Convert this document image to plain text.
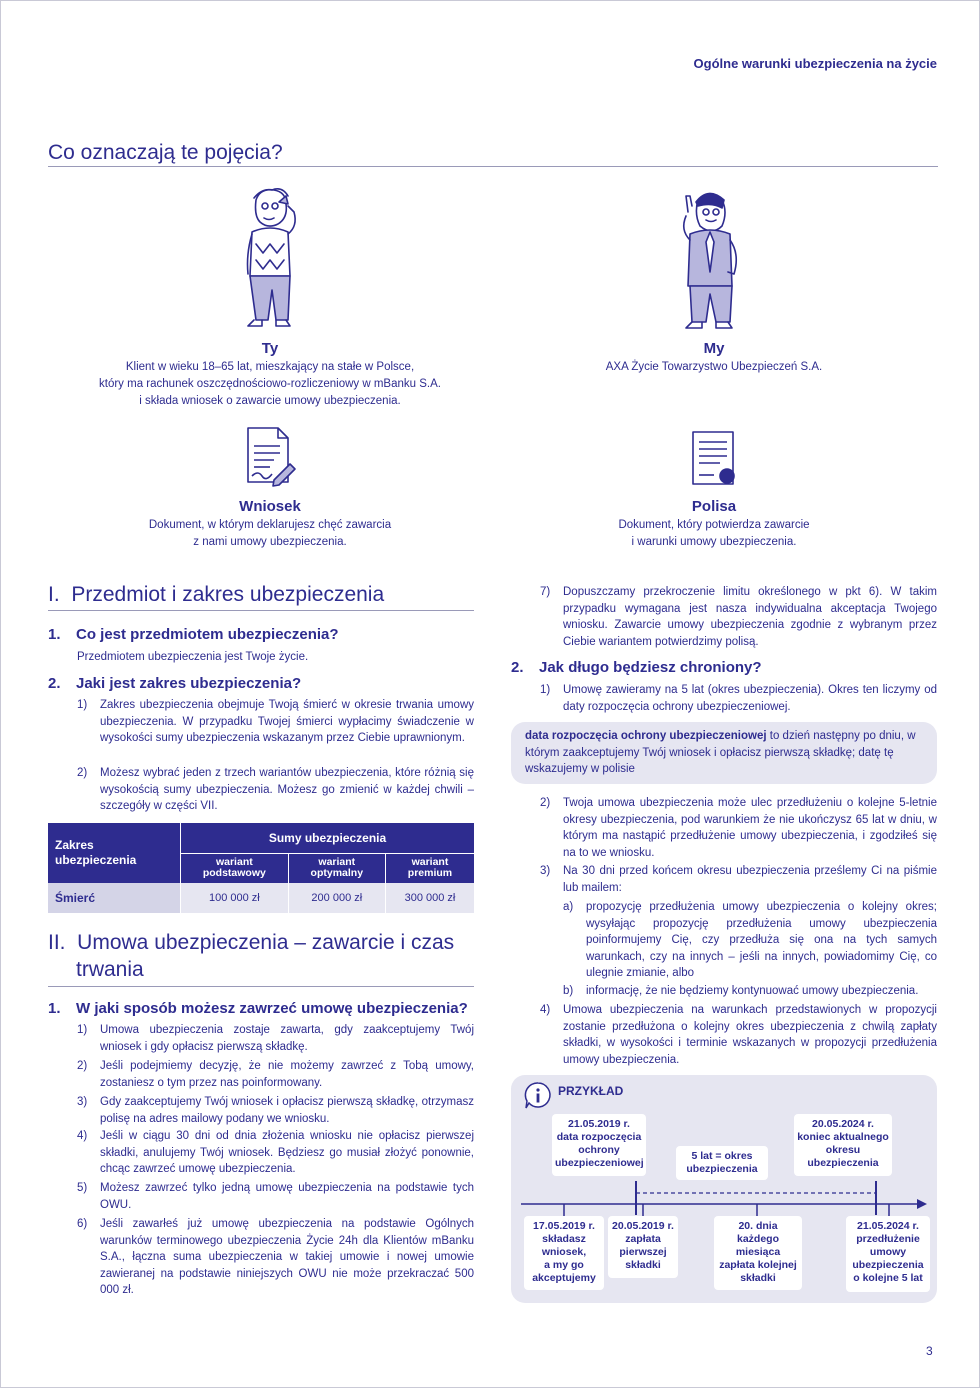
Ogólne warunki ubezpieczenia na życie
Co oznaczają te pojęcia?
Ty
Klient w wieku 18–65 lat, mieszkający na stałe w Polsce,
który ma rachunek oszczędnościowo-rozliczeniowy w mBanku S.A.
i składa wniosek o zawarcie umowy ubezpieczenia.
My
AXA Życie Towarzystwo Ubezpieczeń S.A.
Wniosek
Dokument, w którym deklarujesz chęć zawarcia
z nami umowy ubezpieczenia.
Polisa
Dokument, który potwierdza zawarcie
i warunki umowy ubezpieczenia.
I.  Przedmiot i zakres ubezpieczenia
1. Co jest przedmiotem ubezpieczenia?
Przedmiotem ubezpieczenia jest Twoje życie.
2. Jaki jest zakres ubezpieczenia?
1) Zakres ubezpieczenia obejmuje Twoją śmierć w okresie trwania umowy ubezpieczenia. W przypadku Twojej śmierci wypłacimy świadczenie w wysokości sumy ubezpieczenia wskazanym przez Ciebie uprawnionym.
2) Możesz wybrać jeden z trzech wariantów ubezpieczenia, które różnią się wysokością sumy ubezpieczenia. Możesz go zmienić w każdej chwili – szczegóły w części VII.
Zakres ubezpieczenia	Sumy ubezpieczenia		
	wariant podstawowy	wariant optymalny	wariant premium
Śmierć	100 000 zł	200 000 zł	300 000 zł
II.  Umowa ubezpieczenia – zawarcie i czas
trwania
1. W jaki sposób możesz zawrzeć umowę ubezpieczenia?
1) Umowa ubezpieczenia zostaje zawarta, gdy zaakceptujemy Twój wniosek i gdy opłacisz pierwszą składkę.
2) Jeśli podejmiemy decyzję, że nie możemy zawrzeć z Tobą umowy, zostaniesz o tym przez nas poinformowany.
3) Gdy zaakceptujemy Twój wniosek i opłacisz pierwszą składkę, otrzymasz polisę na adres mailowy podany we wniosku.
4) Jeśli w ciągu 30 dni od dnia złożenia wniosku nie opłacisz pierwszej składki, anulujemy Twój wniosek. Będziesz go musiał złożyć ponownie, chcąc zawrzeć umowę ubezpieczenia.
5) Możesz zawrzeć tylko jedną umowę ubezpieczenia na podstawie tych OWU.
6) Jeśli zawarłeś już umowę ubezpieczenia na podstawie Ogólnych warunków terminowego ubezpieczenia Życie 24h dla Klientów mBanku S.A., łączna suma ubezpieczenia w takiej umowie i nowej umowie zawieranej na podstawie niniejszych OWU nie może przekraczać 500 000 zł.
7) Dopuszczamy przekroczenie limitu określonego w pkt 6). W takim przypadku wymagana jest nasza indywidualna akceptacja Twojego wniosku. Zawarcie umowy ubezpieczenia zgodnie z wybranym przez Ciebie wariantem potwierdzimy polisą.
2. Jak długo będziesz chroniony?
1) Umowę zawieramy na 5 lat (okres ubezpieczenia). Okres ten liczymy od daty rozpoczęcia ochrony ubezpieczeniowej.
data rozpoczęcia ochrony ubezpieczeniowej to dzień następny po dniu, w którym zaakceptujemy Twój wniosek i opłacisz pierwszą składkę; datę tę wskazujemy w polisie
2) Twoja umowa ubezpieczenia może ulec przedłużeniu o kolejne 5-letnie okresy ubezpieczenia, pod warunkiem że nie ukończysz 65 lat w dniu, w którym ma nastąpić przedłużenie umowy ubezpieczenia, i zgodziłeś się na to we wniosku.
3) Na 30 dni przed końcem okresu ubezpieczenia prześlemy Ci na piśmie lub mailem:
a) propozycję przedłużenia umowy ubezpieczenia o kolejny okres; wysyłając propozycję przedłużenia umowy ubezpieczenia poinformujemy Cię, czy przedłuża się ona na tych samych warunkach, czy na innych – jeśli na innych, powiadomimy Cię, co ulegnie zmianie, albo
b) informację, że nie będziemy kontynuować umowy ubezpieczenia.
4) Umowa ubezpieczenia na warunkach przedstawionych w propozycji zostanie przedłużona o kolejny okres ubezpieczenia z chwilą zapłaty składki, w wysokości i terminie wskazanych w propozycji przedłużenia umowy ubezpieczenia.
PRZYKŁAD
21.05.2019 r.
data rozpoczęcia
ochrony
ubezpieczeniowej
5 lat = okres
ubezpieczenia
20.05.2024 r.
koniec aktualnego
okresu
ubezpieczenia
17.05.2019 r.
składasz
wniosek,
a my go
akceptujemy
20.05.2019 r.
zapłata
pierwszej
składki
20. dnia
każdego
miesiąca
zapłata kolejnej
składki
21.05.2024 r.
przedłużenie
umowy
ubezpieczenia
o kolejne 5 lat
3
